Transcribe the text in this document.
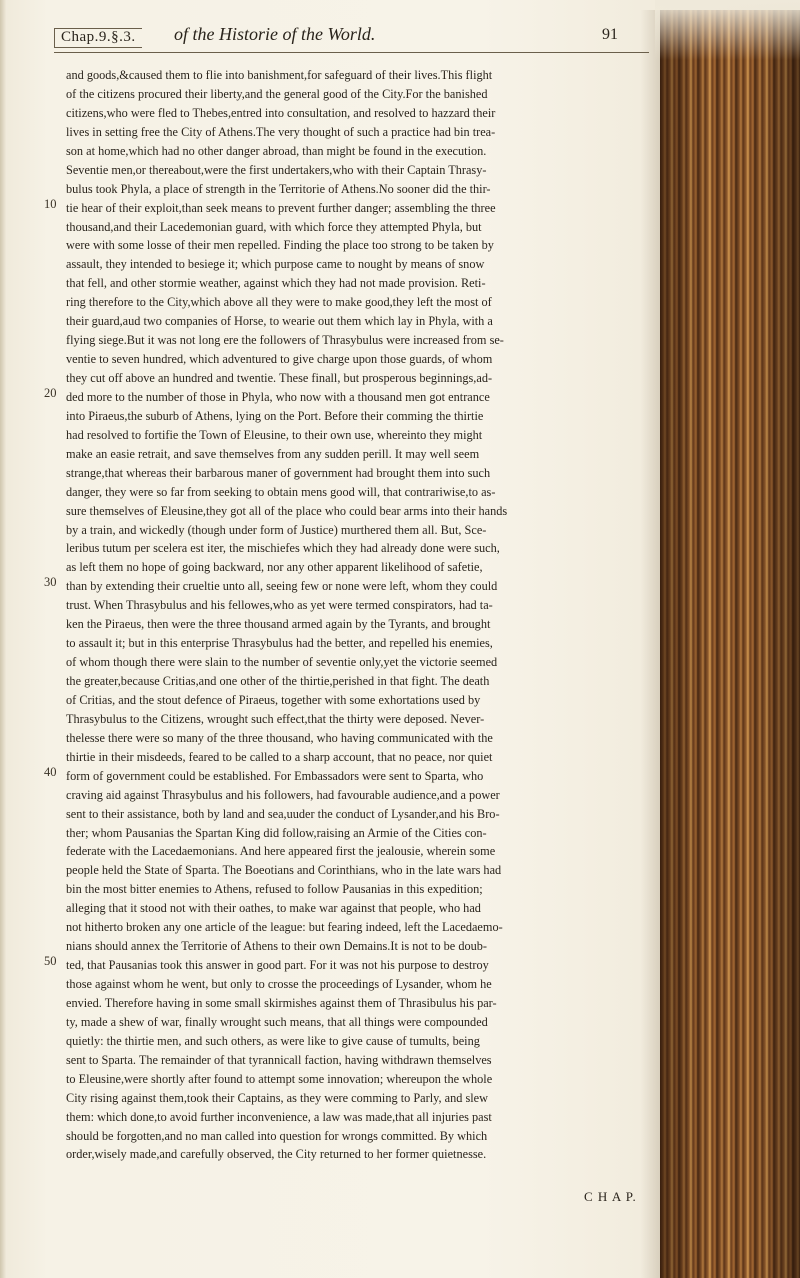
Chap.9.§.3.	of the Historie of the World.	91
10
20
30
40
50
and goods,&caused them to flie into banishment,for safeguard of their lives.This flight
of the citizens procured their liberty,and the general good of the City.For the banished
citizens,who were fled to Thebes,entred into consultation, and resolved to hazzard their
lives in setting free the City of Athens.The very thought of such a practice had bin trea-
son at home,which had no other danger abroad, than might be found in the execution.
Seventie men,or thereabout,were the first undertakers,who with their Captain Thrasy-
bulus took Phyla, a place of strength in the Territorie of Athens.No sooner did the thir-
tie hear of their exploit,than seek means to prevent further danger; assembling the three
thousand,and their Lacedemonian guard, with which force they attempted Phyla, but
were with some losse of their men repelled. Finding the place too strong to be taken by
assault, they intended to besiege it; which purpose came to nought by means of snow
that fell, and other stormie weather, against which they had not made provision. Reti-
ring therefore to the City,which above all they were to make good,they left the most of
their guard,aud two companies of Horse, to wearie out them which lay in Phyla, with a
flying siege.But it was not long ere the followers of Thrasybulus were increased from se-
ventie to seven hundred, which adventured to give charge upon those guards, of whom
they cut off above an hundred and twentie. These finall, but prosperous beginnings,ad-
ded more to the number of those in Phyla, who now with a thousand men got entrance
into Piraeus,the suburb of Athens, lying on the Port. Before their comming the thirtie
had resolved to fortifie the Town of Eleusine, to their own use, whereinto they might
make an easie retrait, and save themselves from any sudden perill. It may well seem
strange,that whereas their barbarous maner of government had brought them into such
danger, they were so far from seeking to obtain mens good will, that contrariwise,to as-
sure themselves of Eleusine,they got all of the place who could bear arms into their hands
by a train, and wickedly (though under form of Justice) murthered them all. But, Sce-
leribus tutum per scelera est iter, the mischiefes which they had already done were such,
as left them no hope of going backward, nor any other apparent likelihood of safetie,
than by extending their crueltie unto all, seeing few or none were left, whom they could
trust. When Thrasybulus and his fellowes,who as yet were termed conspirators, had ta-
ken the Piraeus, then were the three thousand armed again by the Tyrants, and brought
to assault it; but in this enterprise Thrasybulus had the better, and repelled his enemies,
of whom though there were slain to the number of seventie only,yet the victorie seemed
the greater,because Critias,and one other of the thirtie,perished in that fight. The death
of Critias, and the stout defence of Piraeus, together with some exhortations used by
Thrasybulus to the Citizens, wrought such effect,that the thirty were deposed. Never-
thelesse there were so many of the three thousand, who having communicated with the
thirtie in their misdeeds, feared to be called to a sharp account, that no peace, nor quiet
form of government could be established. For Embassadors were sent to Sparta, who
craving aid against Thrasybulus and his followers, had favourable audience,and a power
sent to their assistance, both by land and sea,uuder the conduct of Lysander,and his Bro-
ther; whom Pausanias the Spartan King did follow,raising an Armie of the Cities con-
federate with the Lacedaemonians. And here appeared first the jealousie, wherein some
people held the State of Sparta. The Boeotians and Corinthians, who in the late wars had
bin the most bitter enemies to Athens, refused to follow Pausanias in this expedition;
alleging that it stood not with their oathes, to make war against that people, who had
not hitherto broken any one article of the league: but fearing indeed, left the Lacedaemo-
nians should annex the Territorie of Athens to their own Demains.It is not to be doub-
ted, that Pausanias took this answer in good part. For it was not his purpose to destroy
those against whom he went, but only to crosse the proceedings of Lysander, whom he
envied. Therefore having in some small skirmishes against them of Thrasibulus his par-
ty, made a shew of war, finally wrought such means, that all things were compounded
quietly: the thirtie men, and such others, as were like to give cause of tumults, being
sent to Sparta. The remainder of that tyrannicall faction, having withdrawn themselves
to Eleusine,were shortly after found to attempt some innovation; whereupon the whole
City rising against them,took their Captains, as they were comming to Parly, and slew
them: which done,to avoid further inconvenience, a law was made,that all injuries past
should be forgotten,and no man called into question for wrongs committed. By which
order,wisely made,and carefully observed, the City returned to her former quietnesse.
C H A P.
